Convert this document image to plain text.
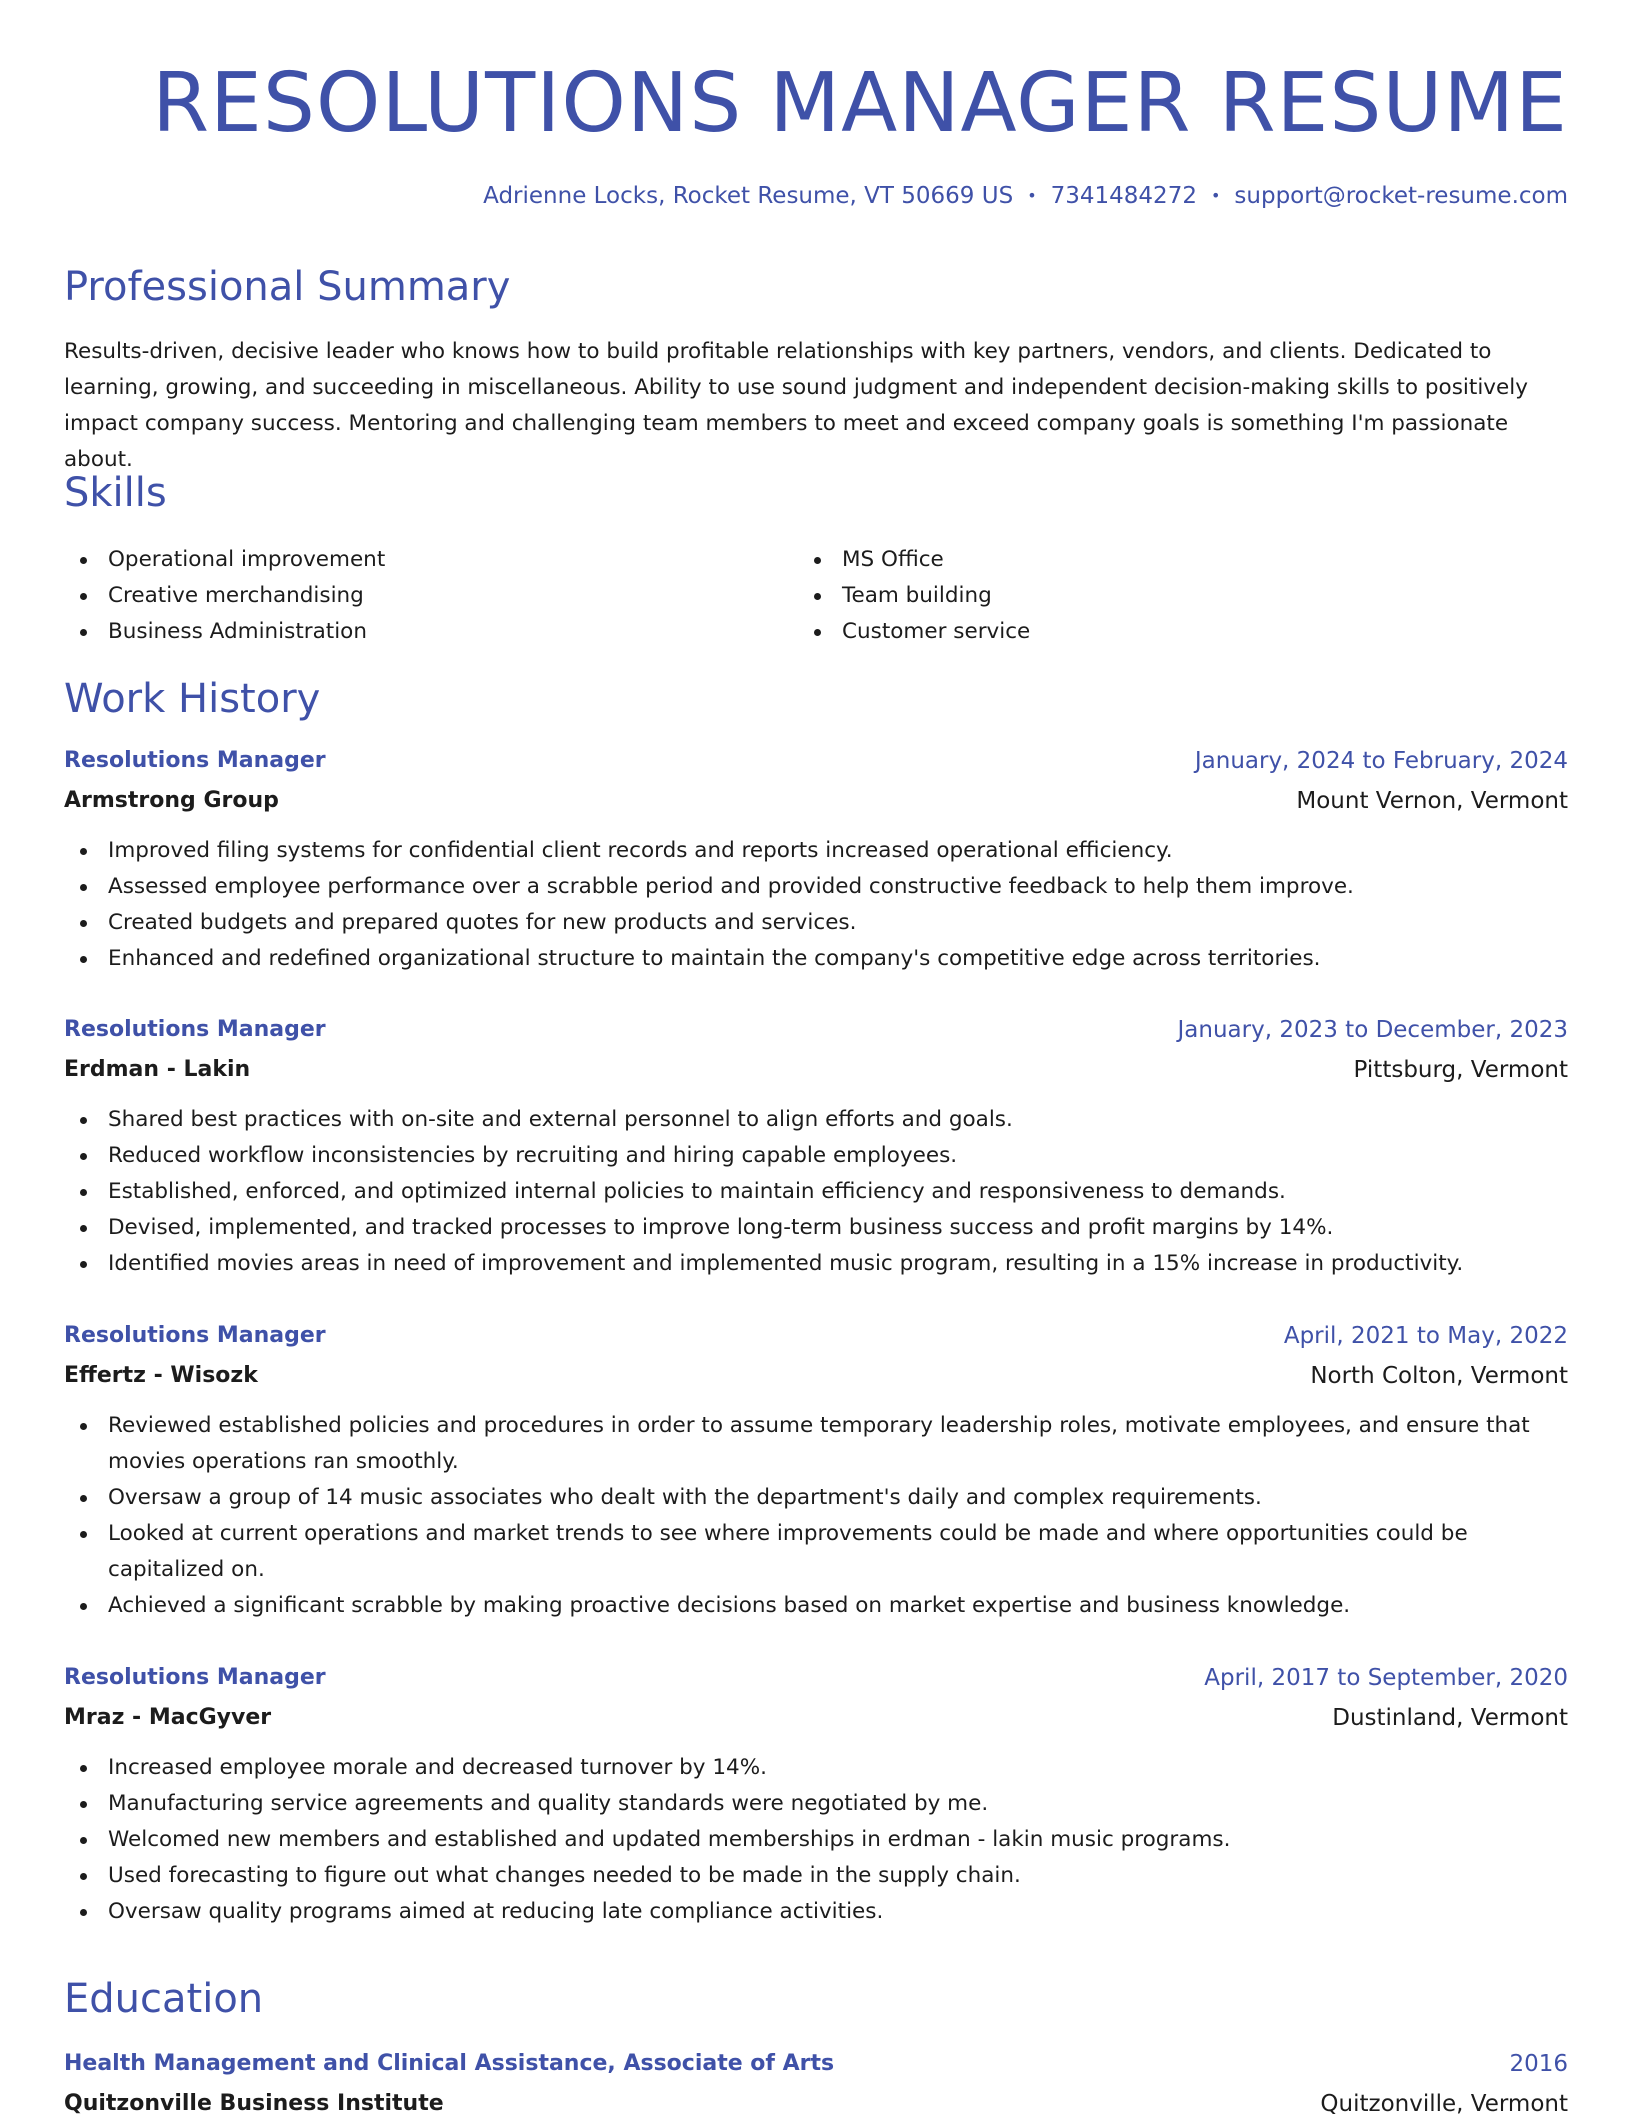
RESOLUTIONS MANAGER RESUME
Adrienne Locks, Rocket Resume, VT 50669 US • 7341484272 • support@rocket-resume.com
Professional Summary

Results-driven, decisive leader who knows how to build profitable relationships with key partners, vendors, and clients. Dedicated to learning, growing, and succeeding in miscellaneous. Ability to use sound judgment and independent decision-making skills to positively impact company success. Mentoring and challenging team members to meet and exceed company goals is something I'm passionate about.

Skills
Operational improvement
Creative merchandising
Business Administration
MS Office
Team building
Customer service
Work History
Resolutions Manager	January, 2024 to February, 2024
Armstrong Group	Mount Vernon, Vermont
Improved filing systems for confidential client records and reports increased operational efficiency.
Assessed employee performance over a scrabble period and provided constructive feedback to help them improve.
Created budgets and prepared quotes for new products and services.
Enhanced and redefined organizational structure to maintain the company's competitive edge across territories.
Resolutions Manager	January, 2023 to December, 2023
Erdman - Lakin	Pittsburg, Vermont
Shared best practices with on-site and external personnel to align efforts and goals.
Reduced workflow inconsistencies by recruiting and hiring capable employees.
Established, enforced, and optimized internal policies to maintain efficiency and responsiveness to demands.
Devised, implemented, and tracked processes to improve long-term business success and profit margins by 14%.
Identified movies areas in need of improvement and implemented music program, resulting in a 15% increase in productivity.
Resolutions Manager	April, 2021 to May, 2022
Effertz - Wisozk	North Colton, Vermont
Reviewed established policies and procedures in order to assume temporary leadership roles, motivate employees, and ensure that movies operations ran smoothly.
Oversaw a group of 14 music associates who dealt with the department's daily and complex requirements.
Looked at current operations and market trends to see where improvements could be made and where opportunities could be capitalized on.
Achieved a significant scrabble by making proactive decisions based on market expertise and business knowledge.
Resolutions Manager	April, 2017 to September, 2020
Mraz - MacGyver	Dustinland, Vermont
Increased employee morale and decreased turnover by 14%.
Manufacturing service agreements and quality standards were negotiated by me.
Welcomed new members and established and updated memberships in erdman - lakin music programs.
Used forecasting to figure out what changes needed to be made in the supply chain.
Oversaw quality programs aimed at reducing late compliance activities.
Education
Health Management and Clinical Assistance, Associate of Arts	2016
Quitzonville Business Institute	Quitzonville, Vermont
